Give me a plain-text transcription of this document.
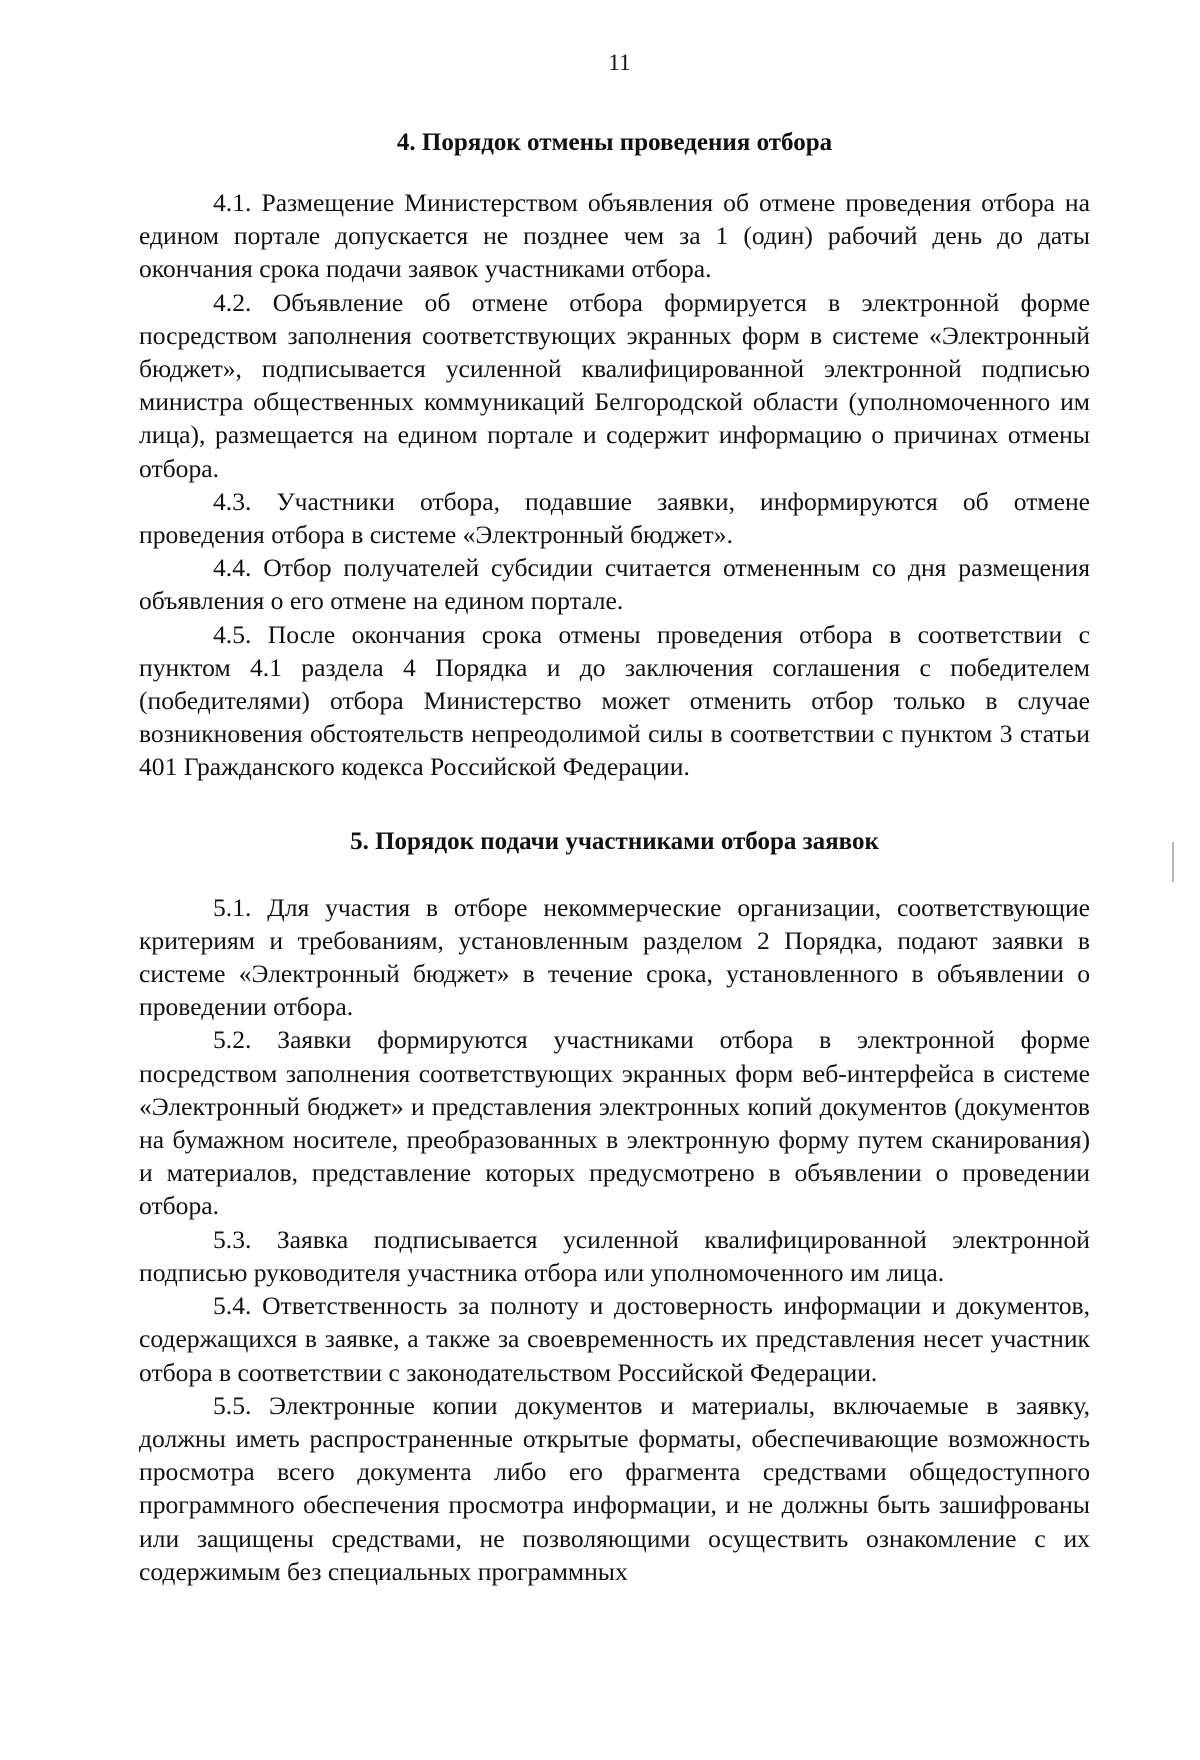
11
4. Порядок отмены проведения отбора

4.1. Размещение Министерством объявления об отмене проведения отбора на едином портале допускается не позднее чем за 1 (один) рабочий день до даты окончания срока подачи заявок участниками отбора.

4.2. Объявление об отмене отбора формируется в электронной форме посредством заполнения соответствующих экранных форм в системе «Электронный бюджет», подписывается усиленной квалифицированной электронной подписью министра общественных коммуникаций Белгородской области (уполномоченного им лица), размещается на едином портале и содержит информацию о причинах отмены отбора.

4.3. Участники отбора, подавшие заявки, информируются об отмене проведения отбора в системе «Электронный бюджет».

4.4. Отбор получателей субсидии считается отмененным со дня размещения объявления о его отмене на едином портале.

4.5. После окончания срока отмены проведения отбора в соответствии с пунктом 4.1 раздела 4 Порядка и до заключения соглашения с победителем (победителями) отбора Министерство может отменить отбор только в случае возникновения обстоятельств непреодолимой силы в соответствии с пунктом 3 статьи 401 Гражданского кодекса Российской Федерации.

5. Порядок подачи участниками отбора заявок

5.1. Для участия в отборе некоммерческие организации, соответствующие критериям и требованиям, установленным разделом 2 Порядка, подают заявки в системе «Электронный бюджет» в течение срока, установленного в объявлении о проведении отбора.

5.2. Заявки формируются участниками отбора в электронной форме посредством заполнения соответствующих экранных форм веб-интерфейса в системе «Электронный бюджет» и представления электронных копий документов (документов на бумажном носителе, преобразованных в электронную форму путем сканирования) и материалов, представление которых предусмотрено в объявлении о проведении отбора.

5.3. Заявка подписывается усиленной квалифицированной электронной подписью руководителя участника отбора или уполномоченного им лица.

5.4. Ответственность за полноту и достоверность информации и документов, содержащихся в заявке, а также за своевременность их представления несет участник отбора в соответствии с законодательством Российской Федерации.

5.5. Электронные копии документов и материалы, включаемые в заявку, должны иметь распространенные открытые форматы, обеспечивающие возможность просмотра всего документа либо его фрагмента средствами общедоступного программного обеспечения просмотра информации, и не должны быть зашифрованы или защищены средствами, не позволяющими осуществить ознакомление с их содержимым без специальных программных
